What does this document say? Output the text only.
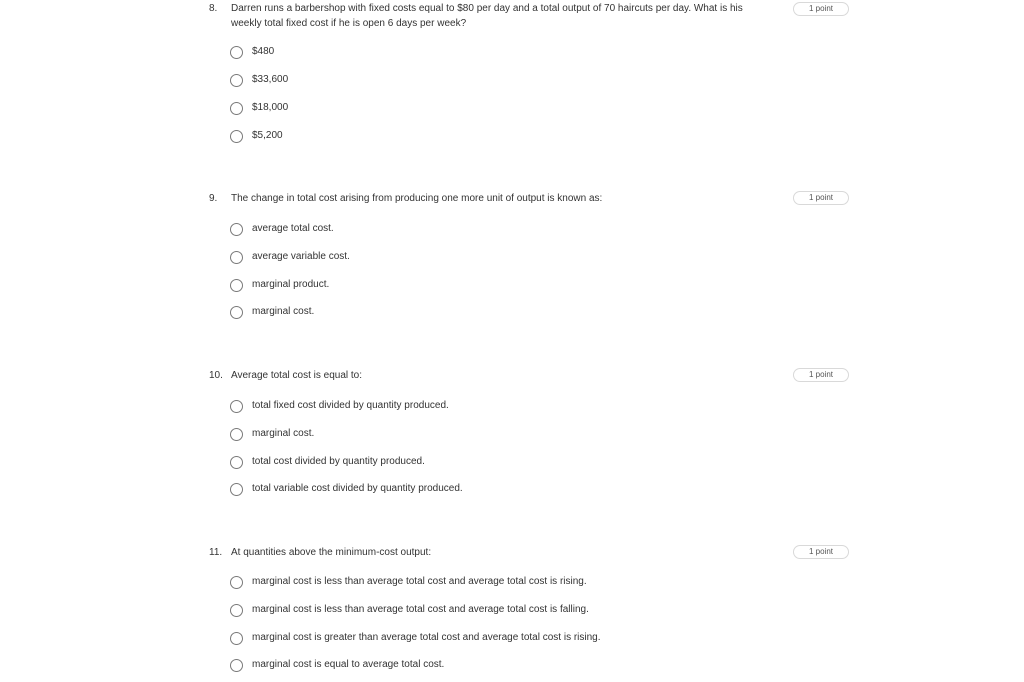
8. Darren runs a barbershop with fixed costs equal to $80 per day and a total output of 70 haircuts per day. What is his weekly total fixed cost if he is open 6 days per week?
1 point
$480
$33,600
$18,000
$5,200
9. The change in total cost arising from producing one more unit of output is known as:	1 point
average total cost.
average variable cost.
marginal product.
marginal cost.
10. Average total cost is equal to:	1 point
total fixed cost divided by quantity produced.
marginal cost.
total cost divided by quantity produced.
total variable cost divided by quantity produced.
11. At quantities above the minimum-cost output:	1 point
marginal cost is less than average total cost and average total cost is rising.
marginal cost is less than average total cost and average total cost is falling.
marginal cost is greater than average total cost and average total cost is rising.
marginal cost is equal to average total cost.
